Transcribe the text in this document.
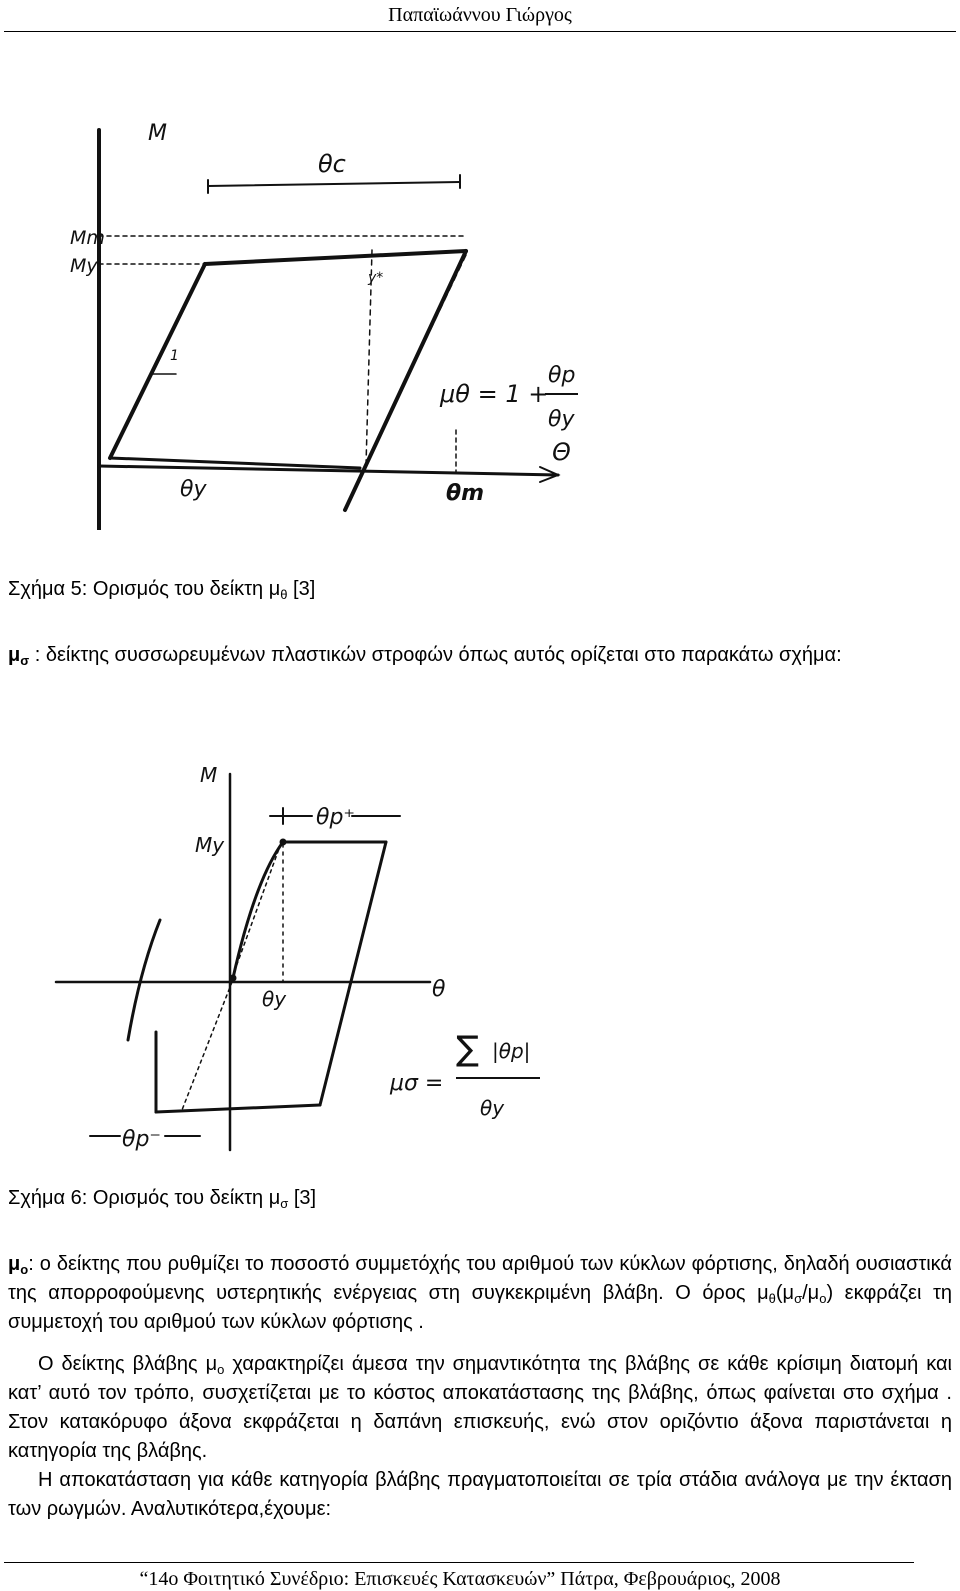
Παπαϊωάννου Γιώργος
M
θc
Mm
My
y*
1
θy	θm
Θ
μθ = 1 +
θp
θy
Σχήμα 5: Ορισμός του δείκτη $\mu_\theta$ [3]
$\mu_\sigma$ : δείκτης συσσωρευμένων πλαστικών στροφών όπως αυτός ορίζεται στο παρακάτω σχήμα:
M
My
θp⁺
θy	θ
θp⁻
μσ =
∑ |θp|
θy
Σχήμα 6: Ορισμός του δείκτη $\mu_\sigma$ [3]
$\mu_o$: ο δείκτης που ρυθμίζει το ποσοστό συμμετόχής του αριθμού των κύκλων φόρτισης, δηλαδή ουσιαστικά της απορροφούμενης υστερητικής ενέργειας στη συγκεκριμένη βλάβη. Ο όρος $\mu_\theta(\mu_\sigma/\mu_o)$ εκφράζει τη συμμετοχή του αριθμού των κύκλων φόρτισης .
Ο δείκτης βλάβης $\mu_o$ χαρακτηρίζει άμεσα την σημαντικότητα της βλάβης σε κάθε κρίσιμη διατομή και κατ’ αυτό τον τρόπο, συσχετίζεται με το κόστος αποκατάστασης της βλάβης, όπως φαίνεται στο σχήμα . Στον κατακόρυφο άξονα εκφράζεται η δαπάνη επισκευής, ενώ στον οριζόντιο άξονα παριστάνεται η κατηγορία της βλάβης.
Η αποκατάσταση για κάθε κατηγορία βλάβης πραγματοποιείται σε τρία στάδια ανάλογα με την έκταση των ρωγμών. Αναλυτικότερα,έχουμε:
“14ο Φοιτητικό Συνέδριο: Επισκευές Κατασκευών” Πάτρα, Φεβρουάριος, 2008
